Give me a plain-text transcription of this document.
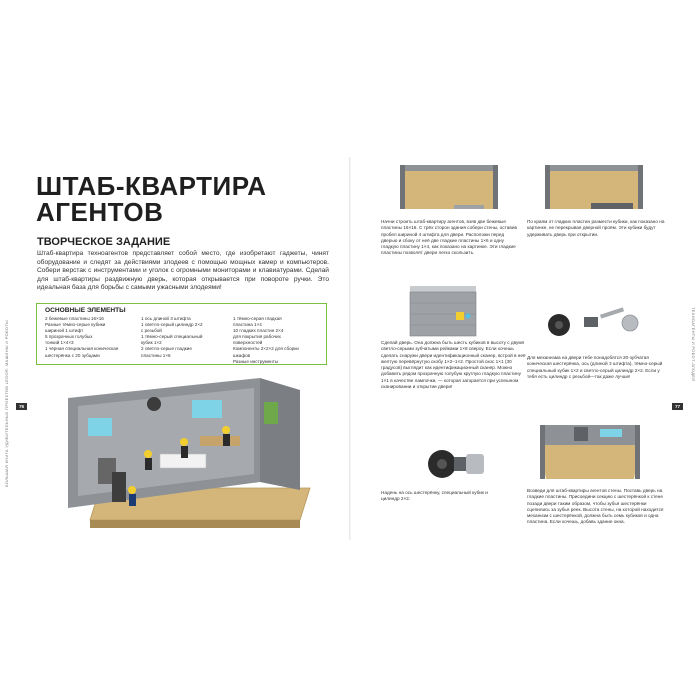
ШТАБ-КВАРТИРА
АГЕНТОВ
ТВОРЧЕСКОЕ ЗАДАНИЕ

Штаб-квартира техноагентов представляет собой место, где изобретают гаджеты, чинят оборудование и следят за действиями злодеев с помощью мощных камер и компьютеров. Собери верстак с инструментами и уголок с огромными мониторами и клавиатурами. Сделай для штаб-квартиры раздвижную дверь, которая открывается при повороте ручки. Это идеальная база для борьбы с самыми ужасными злодеями!

ОСНОВНЫЕ ЭЛЕМЕНТЫ
2 бежевые пластины 16×16
Разные тёмно-серые кубики
шириной 1 штифт
5 прозрачных голубых
тонкий 1×4×3
1 чёрная специальная коническая
шестерёнка с 20 зубцами
1 ось длиной 3 штифта
1 светло-серый цилиндр 2×2
с резьбой
1 тёмно-серый специальный
кубик 1×2
2 светло-серые гладкие
пластины 1×6
1 тёмно-серая гладкая
пластина 1×4
10 гладких пластин 2×4
для покрытия рабочих
поверхностей
Компоненты 2×2×2 для сборки
шкафов
Разные инструменты
БОЛЬШАЯ КНИГА УДИВИТЕЛЬНЫХ ПРОЕКТОВ LEGO®. МАШИНЫ И РОБОТЫ

Начни строить штаб-квартиру агентов, взяв две бежевые пластины 16×16. С трёх сторон здания собери стены, оставив пробел шириной 4 штифта для двери. Расположи перед дверью и сбоку от неё две гладкие пластины 1×6 и одну гладкую пластину 1×4, как показано на картинке. Эти гладкие пластины позволят двери легко скользить.

По краям от гладких пластин размести кубики, как показано на картинке, не перекрывая дверной проём. Эти кубики будут удерживать дверь при открытии.

Сделай дверь. Она должна быть шесть кубиков в высоту с двумя светло-серыми зубчатыми рейками 1×8 сверху. Если хочешь сделать снаружи двери идентификационный сканер, встрой в неё желтую перевёрнутую скобу 1×2–1×2. Простой скос 1×1 (30 градусов) выглядит как идентификационный сканер. Можно добавить рядом прозрачную голубую круглую гладкую пластину 1×1 в качестве лампочки, — которая загорается при успешном сканировании и открытии двери!

Для механизма на двери тебе понадобятся 20-зубчатая коническая шестерёнка, ось (длиной 3 штифта), тёмно-серый специальный кубик 1×2 и светло-серый цилиндр 2×2. Если у тебя есть цилиндр с резьбой—так даже лучше!

Надень на ось шестерёнку, специальный кубик и цилиндр 2×2.

Возведи для штаб-квартиры агентов стены. Поставь дверь на гладкие пластины. Присоедини секцию с шестерёнкой к стене позади двери таким образом, чтобы зубья шестерёнки сцепились за зубья реек. Высота стены, на которой находится механизм с шестерёнкой, должна быть семь кубиков и одна пластина. Если хочешь, добавь здание окна.

ТЕХНОАГЕНТЫ И РОБОТ-ЗЛОДЕЙ
76	77
